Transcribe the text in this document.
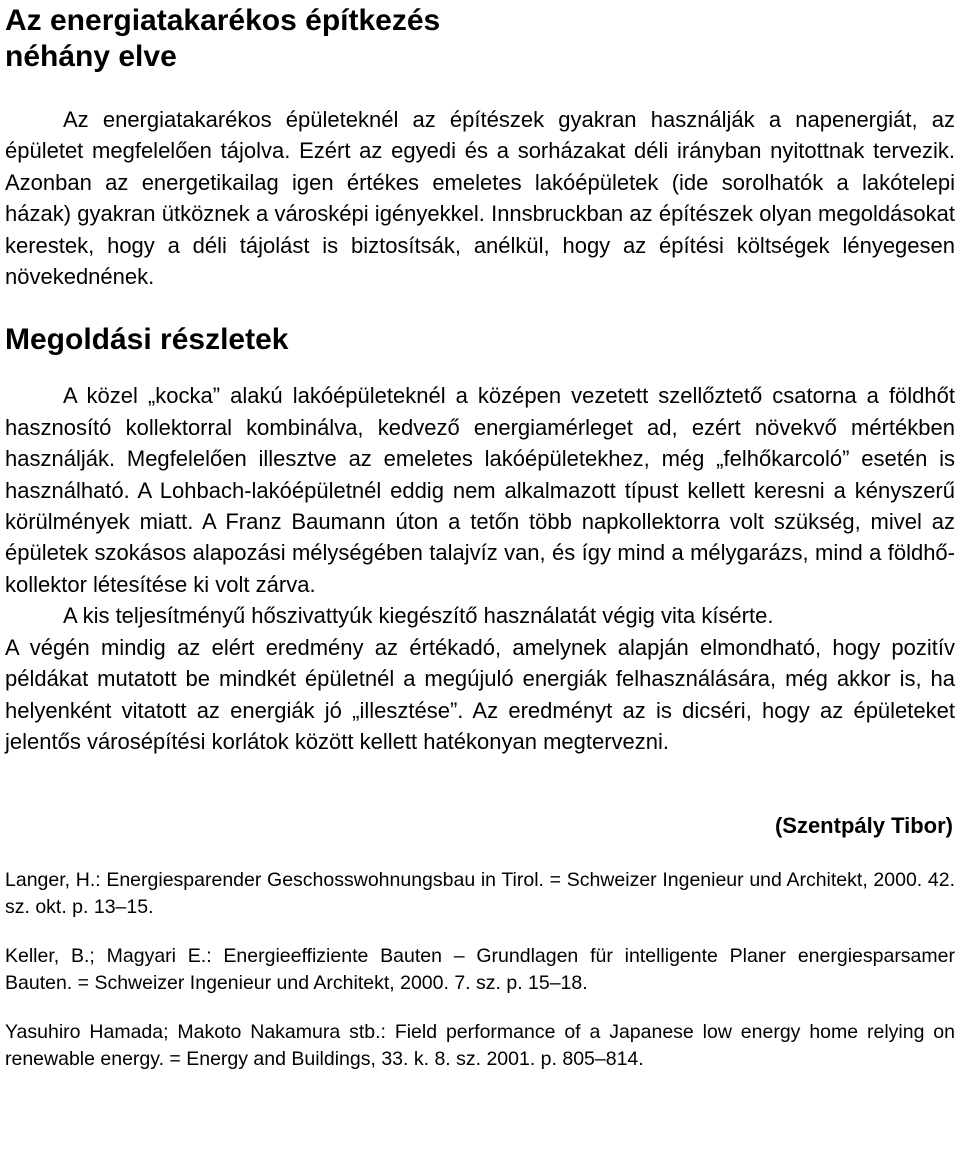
Az energiatakarékos építkezés
néhány elve

Az energiatakarékos épületeknél az építészek gyakran használják a napenergiát, az épületet megfelelően tájolva. Ezért az egyedi és a sorházakat déli irányban nyitottnak tervezik. Azonban az energetikailag igen értékes emeletes lakóépületek (ide sorolhatók a lakótelepi házak) gyakran ütköznek a városképi igényekkel. Innsbruckban az építészek olyan megoldásokat kerestek, hogy a déli tájolást is biztosítsák, anélkül, hogy az építési költségek lényegesen növekednének.

Megoldási részletek

A közel „kocka” alakú lakóépületeknél a középen vezetett szellőztető csatorna a földhőt hasznosító kollektorral kombinálva, kedvező energiamérleget ad, ezért növekvő mértékben használják. Megfelelően illesztve az emeletes lakóépületekhez, még „felhőkarcoló” esetén is használható. A Lohbach-lakóépületnél eddig nem alkalmazott típust kellett keresni a kényszerű körülmények miatt. A Franz Baumann úton a tetőn több napkollektorra volt szükség, mivel az épületek szokásos alapozási mélységében talajvíz van, és így mind a mélygarázs, mind a földhő-kollektor létesítése ki volt zárva.

A kis teljesítményű hőszivattyúk kiegészítő használatát végig vita kísérte.

A végén mindig az elért eredmény az értékadó, amelynek alapján elmondható, hogy pozitív példákat mutatott be mindkét épületnél a megújuló energiák felhasználására, még akkor is, ha helyenként vitatott az energiák jó „illesztése”. Az eredményt az is dicséri, hogy az épületeket jelentős városépítési korlátok között kellett hatékonyan megtervezni.

(Szentpály Tibor)

Langer, H.: Energiesparender Geschosswohnungsbau in Tirol. = Schweizer Ingenieur und Architekt, 2000. 42. sz. okt. p. 13–15.

Keller, B.; Magyari E.: Energieeffiziente Bauten – Grundlagen für intelligente Planer energiesparsamer Bauten. = Schweizer Ingenieur und Architekt, 2000. 7. sz. p. 15–18.

Yasuhiro Hamada; Makoto Nakamura stb.: Field performance of a Japanese low energy home relying on renewable energy. = Energy and Buildings, 33. k. 8. sz. 2001. p. 805–814.
